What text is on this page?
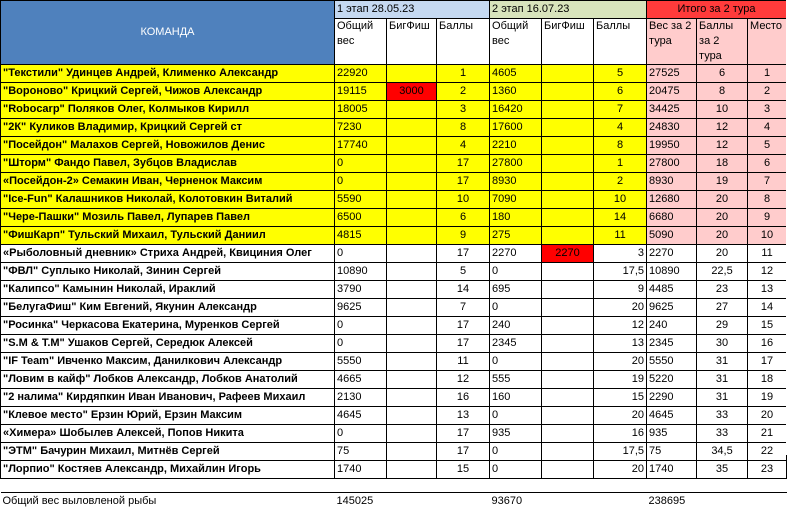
КОМАНДА	1 этап 28.05.23			2 этап 16.07.23			Итого за 2 тура		
	Общий вес	БигФиш	Баллы	Общий вес	БигФиш	Баллы	Вес за 2 тура	Баллы за 2 тура	Место
"Текстили" Удинцев Андрей, Клименко Александр	22920		1	4605		5	27525	6	1
"Вороново" Крицкий Сергей, Чижов Александр	19115	3000	2	1360		6	20475	8	2
"Robocarp" Поляков Олег, Колмыков Кирилл	18005		3	16420		7	34425	10	3
"2К" Куликов Владимир, Крицкий Сергей ст	7230		8	17600		4	24830	12	4
"Посейдон" Малахов Сергей, Новожилов Денис	17740		4	2210		8	19950	12	5
"Шторм" Фандо Павел, Зубцов Владислав	0		17	27800		1	27800	18	6
«Посейдон-2» Семакин Иван, Черненок Максим	0		17	8930		2	8930	19	7
"Ice-Fun" Калашников Николай, Колотовкин Виталий	5590		10	7090		10	12680	20	8
"Чере-Пашки" Мозиль Павел, Лупарев Павел	6500		6	180		14	6680	20	9
"ФишКарп" Тульский Михаил, Тульский Даниил	4815		9	275		11	5090	20	10
«Рыболовный дневник» Стриха Андрей, Квициния Олег	0		17	2270	2270	3	2270	20	11
"ФВЛ" Суплыко Николай, Зинин Сергей	10890		5	0		17,5	10890	22,5	12
"Калипсо" Камынин Николай, Ираклий	3790		14	695		9	4485	23	13
"БелугаФиш" Ким Евгений, Якунин Александр	9625		7	0		20	9625	27	14
"Росинка" Черкасова Екатерина, Муренков Сергей	0		17	240		12	240	29	15
"S.M & T.M" Ушаков Сергей, Середюк Алексей	0		17	2345		13	2345	30	16
"IF Team" Ивченко Максим, Данилкович Александр	5550		11	0		20	5550	31	17
"Ловим в кайф" Лобков Александр, Лобков Анатолий	4665		12	555		19	5220	31	18
"2 налима" Кирдяпкин Иван Иванович, Рафеев Михаил	2130		16	160		15	2290	31	19
"Клевое место" Ерзин Юрий, Ерзин Максим	4645		13	0		20	4645	33	20
«Химера» Шобылев Алексей, Попов Никита	0		17	935		16	935	33	21
"ЭТМ" Бачурин Михаил, Митнёв Сергей	75		17	0		17,5	75	34,5	22
"Лорпио" Костяев Александр, Михайлин Игорь	1740		15	0		20	1740	35	23

Общий вес выловленой рыбы	145025			93670			238695		
